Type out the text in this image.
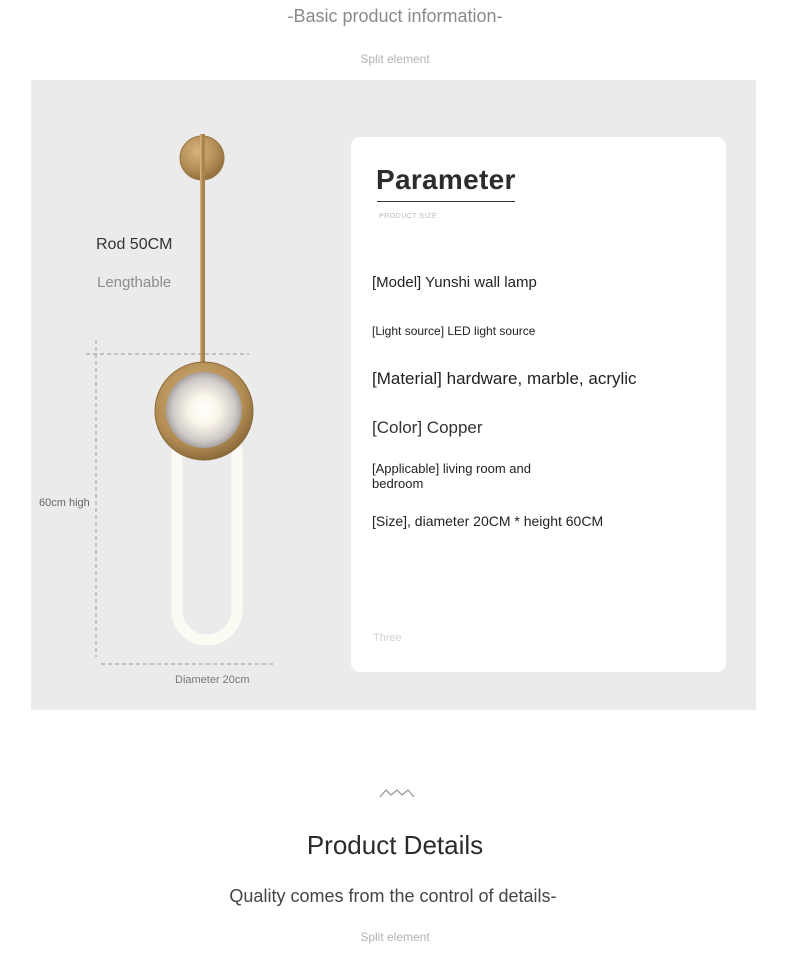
-Basic product information-
Split element
Rod 50CM
Lengthable
60cm high
Diameter 20cm
Parameter
PRODUCT SIZE
[Model] Yunshi wall lamp
[Light source] LED light source
[Material] hardware, marble, acrylic
[Color] Copper
[Applicable] living room and bedroom
[Size], diameter 20CM * height 60CM
Three
Product Details
Quality comes from the control of details-
Split element
